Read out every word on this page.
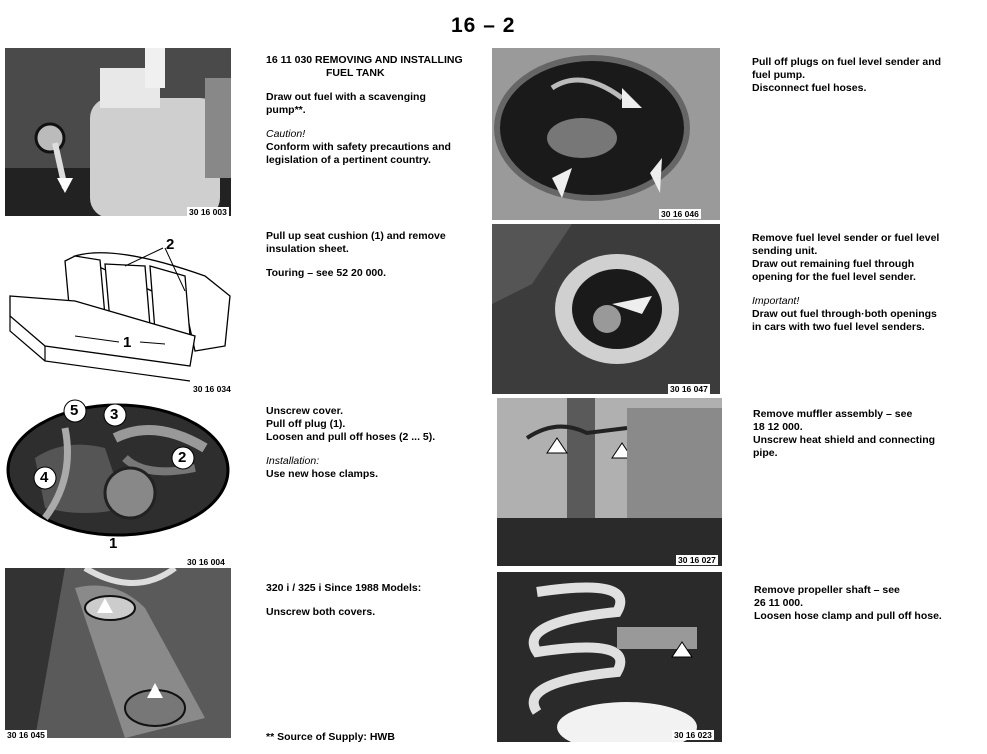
16 – 2
30 16 003
2
1
30 16 034
5 3
2
4
1
30 16 004
30 16 045

16 11 030 REMOVING AND INSTALLING
FUEL TANK

Draw out fuel with a scavenging
pump**.

Caution!
Conform with safety precautions and
legislation of a pertinent country.

Pull up seat cushion (1) and remove
insulation sheet.

Touring – see 52 20 000.

Unscrew cover.
Pull off plug (1).
Loosen and pull off hoses (2 ... 5).

Installation:
Use new hose clamps.

320 i / 325 i Since 1988 Models:

Unscrew both covers.

** Source of Supply: HWB
30 16 046
30 16 047
30 16 027
30 16 023

Pull off plugs on fuel level sender and
fuel pump.
Disconnect fuel hoses.

Remove fuel level sender or fuel level
sending unit.
Draw out remaining fuel through
opening for the fuel level sender.

Important!
Draw out fuel through·both openings
in cars with two fuel level senders.

Remove muffler assembly – see
18 12 000.
Unscrew heat shield and connecting
pipe.

Remove propeller shaft – see
26 11 000.
Loosen hose clamp and pull off hose.
